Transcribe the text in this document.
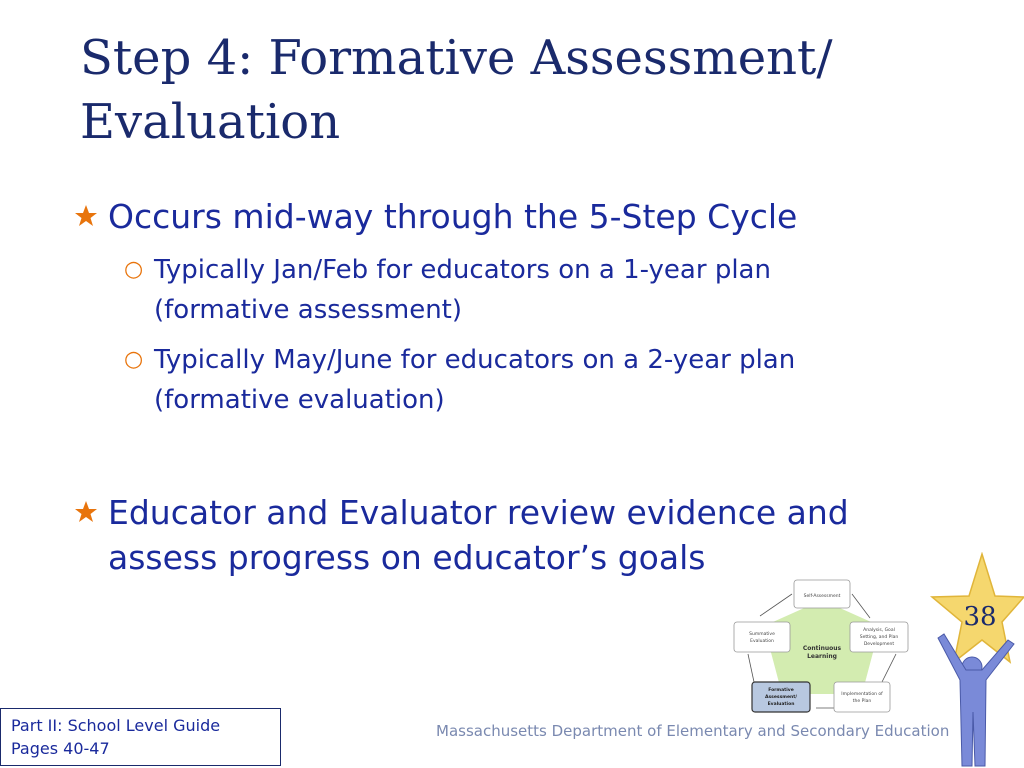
Step 4: Formative Assessment/
Evaluation
Occurs mid-way through the 5-Step Cycle
○ Typically Jan/Feb for educators on a 1-year plan
(formative assessment)
○ Typically May/June for educators on a 2-year plan
(formative evaluation)
Educator and Evaluator review evidence and
assess progress on educator’s goals
Continuous
Learning
Self-Assessment
Analysis, Goal
Setting, and Plan
Development
Implementation of
the Plan
Formative
Assessment/
Evaluation
Summative
Evaluation
38
Part II: School Level Guide
Pages 40-47
Massachusetts Department of Elementary and Secondary Education
